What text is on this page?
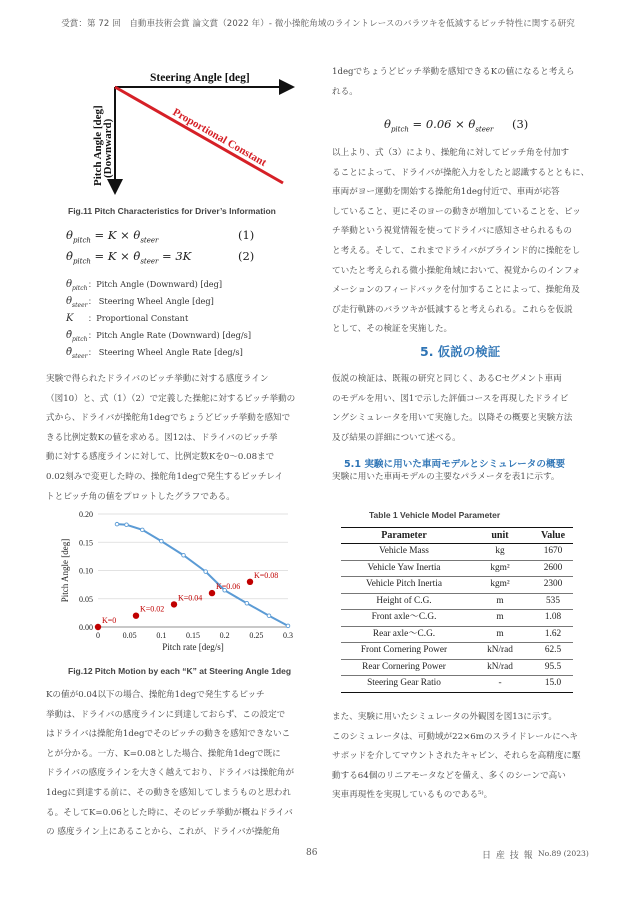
受賞：第 72 回　自動車技術会賞 論文賞（2022 年）- 微小操舵角域のライントレースのバラツキを低減するピッチ特性に関する研究
Steering Angle [deg]
Pitch Angle [deg]
(Downward)	Proportional Constant
Fig.11 Pitch Characteristics for Driver’s Information
$\theta_{pitch} = K \times \theta_{steer}$	(1)
$\thetȧ_{pitch} = K$ × $\thetȧ_{steer} = 3K$	(2)
$\theta_{pitch}$：Pitch Angle (Downward) [deg]
$\theta_{steer}$： Steering Wheel Angle [deg]
K ：Proportional Constant
$\thetȧ_{pitch}$：Pitch Angle Rate (Downward) [deg/s]
$\thetȧ_{steer}$： Steering Wheel Angle Rate [deg/s]
実験で得られたドライバのピッチ挙動に対する感度ライン
（図10）と、式（1）（2）で定義した操舵に対するピッチ挙動の
式から、ドライバが操舵角1degでちょうどピッチ挙動を感知で
きる比例定数Kの値を求める。図12は、ドライバのピッチ挙
動に対する感度ラインに対して、比例定数Kを0～0.08まで
0.02刻みで変更した時の、操舵角1degで発生するピッチレイ
トとピッチ角の値をプロットしたグラフである。
0.00
0.05
0.10
0.15
0.20
0	0.05 0.1 0.15 0.2 0.25 0.3
Pitch rate [deg/s]
Pitch Angle [deg]
K=0
K=0.02
K=0.04
K=0.06
K=0.08
Fig.12 Pitch Motion by each “K” at Steering Angle 1deg
Kの値が0.04以下の場合、操舵角1degで発生するピッチ
挙動は、ドライバの感度ラインに到達しておらず、この設定で
はドライバは操舵角1degでそのピッチの動きを感知できないこ
とが分かる。一方、K=0.08とした場合、操舵角1degで既に
ドライバの感度ラインを大きく越えており、ドライバは操舵角が
1degに到達する前に、その動きを感知してしまうものと思われ
る。そしてK=0.06とした時に、そのピッチ挙動が概ねドライバ
の 感度ライン上にあることから、これが、ドライバが操舵角
1degでちょうどピッチ挙動を感知できるKの値になると考えら
れる。
$\theta_{pitch} = 0.06 \times \theta_{steer}$ (3)
以上より、式（3）により、操舵角に対してピッチ角を付加す
ることによって、ドライバが操舵入力をしたと認識するとともに、
車両がヨー運動を開始する操舵角1deg付近で、車両が応答
していること、更にそのヨーの動きが増加していることを、ピッ
チ挙動という視覚情報を使ってドライバに感知させられるもの
と考える。そして、これまでドライバがブラインド的に操舵をし
ていたと考えられる微小操舵角域において、視覚からのインフォ
メーションのフィードバックを付加することによって、操舵角及
び走行軌跡のバラツキが低減すると考えられる。これらを仮説
として、その検証を実施した。
5. 仮説の検証
仮説の検証は、既報の研究と同じく、あるCセグメント車両
のモデルを用い、図1で示した評価コースを再現したドライビ
ングシミュレータを用いて実施した。以降その概要と実験方法
及び結果の詳細について述べる。
5.1 実験に用いた車両モデルとシミュレータの概要
実験に用いた車両モデルの主要なパラメータを表1に示す。
Table 1 Vehicle Model Parameter
Parameter	unit	Value
Vehicle Mass	kg	1670
Vehicle Yaw Inertia	kgm²	2600
Vehicle Pitch Inertia	kgm²	2300
Height of C.G.	m	535
Front axle〜C.G.	m	1.08
Rear axle〜C.G.	m	1.62
Front Cornering Power	kN/rad	62.5
Rear Cornering Power	kN/rad	95.5
Steering Gear Ratio	-	15.0
また、実験に用いたシミュレータの外観図を図13に示す。
このシミュレータは、可動域が22×6mのスライドレールにヘキ
サポッドを介してマウントされたキャビン、それらを高精度に駆
動する64個のリニアモータなどを備え、多くのシーンで高い
実車再現性を実現しているものである⁵⁾。
86	日 産 技 報 No.89 (2023)
